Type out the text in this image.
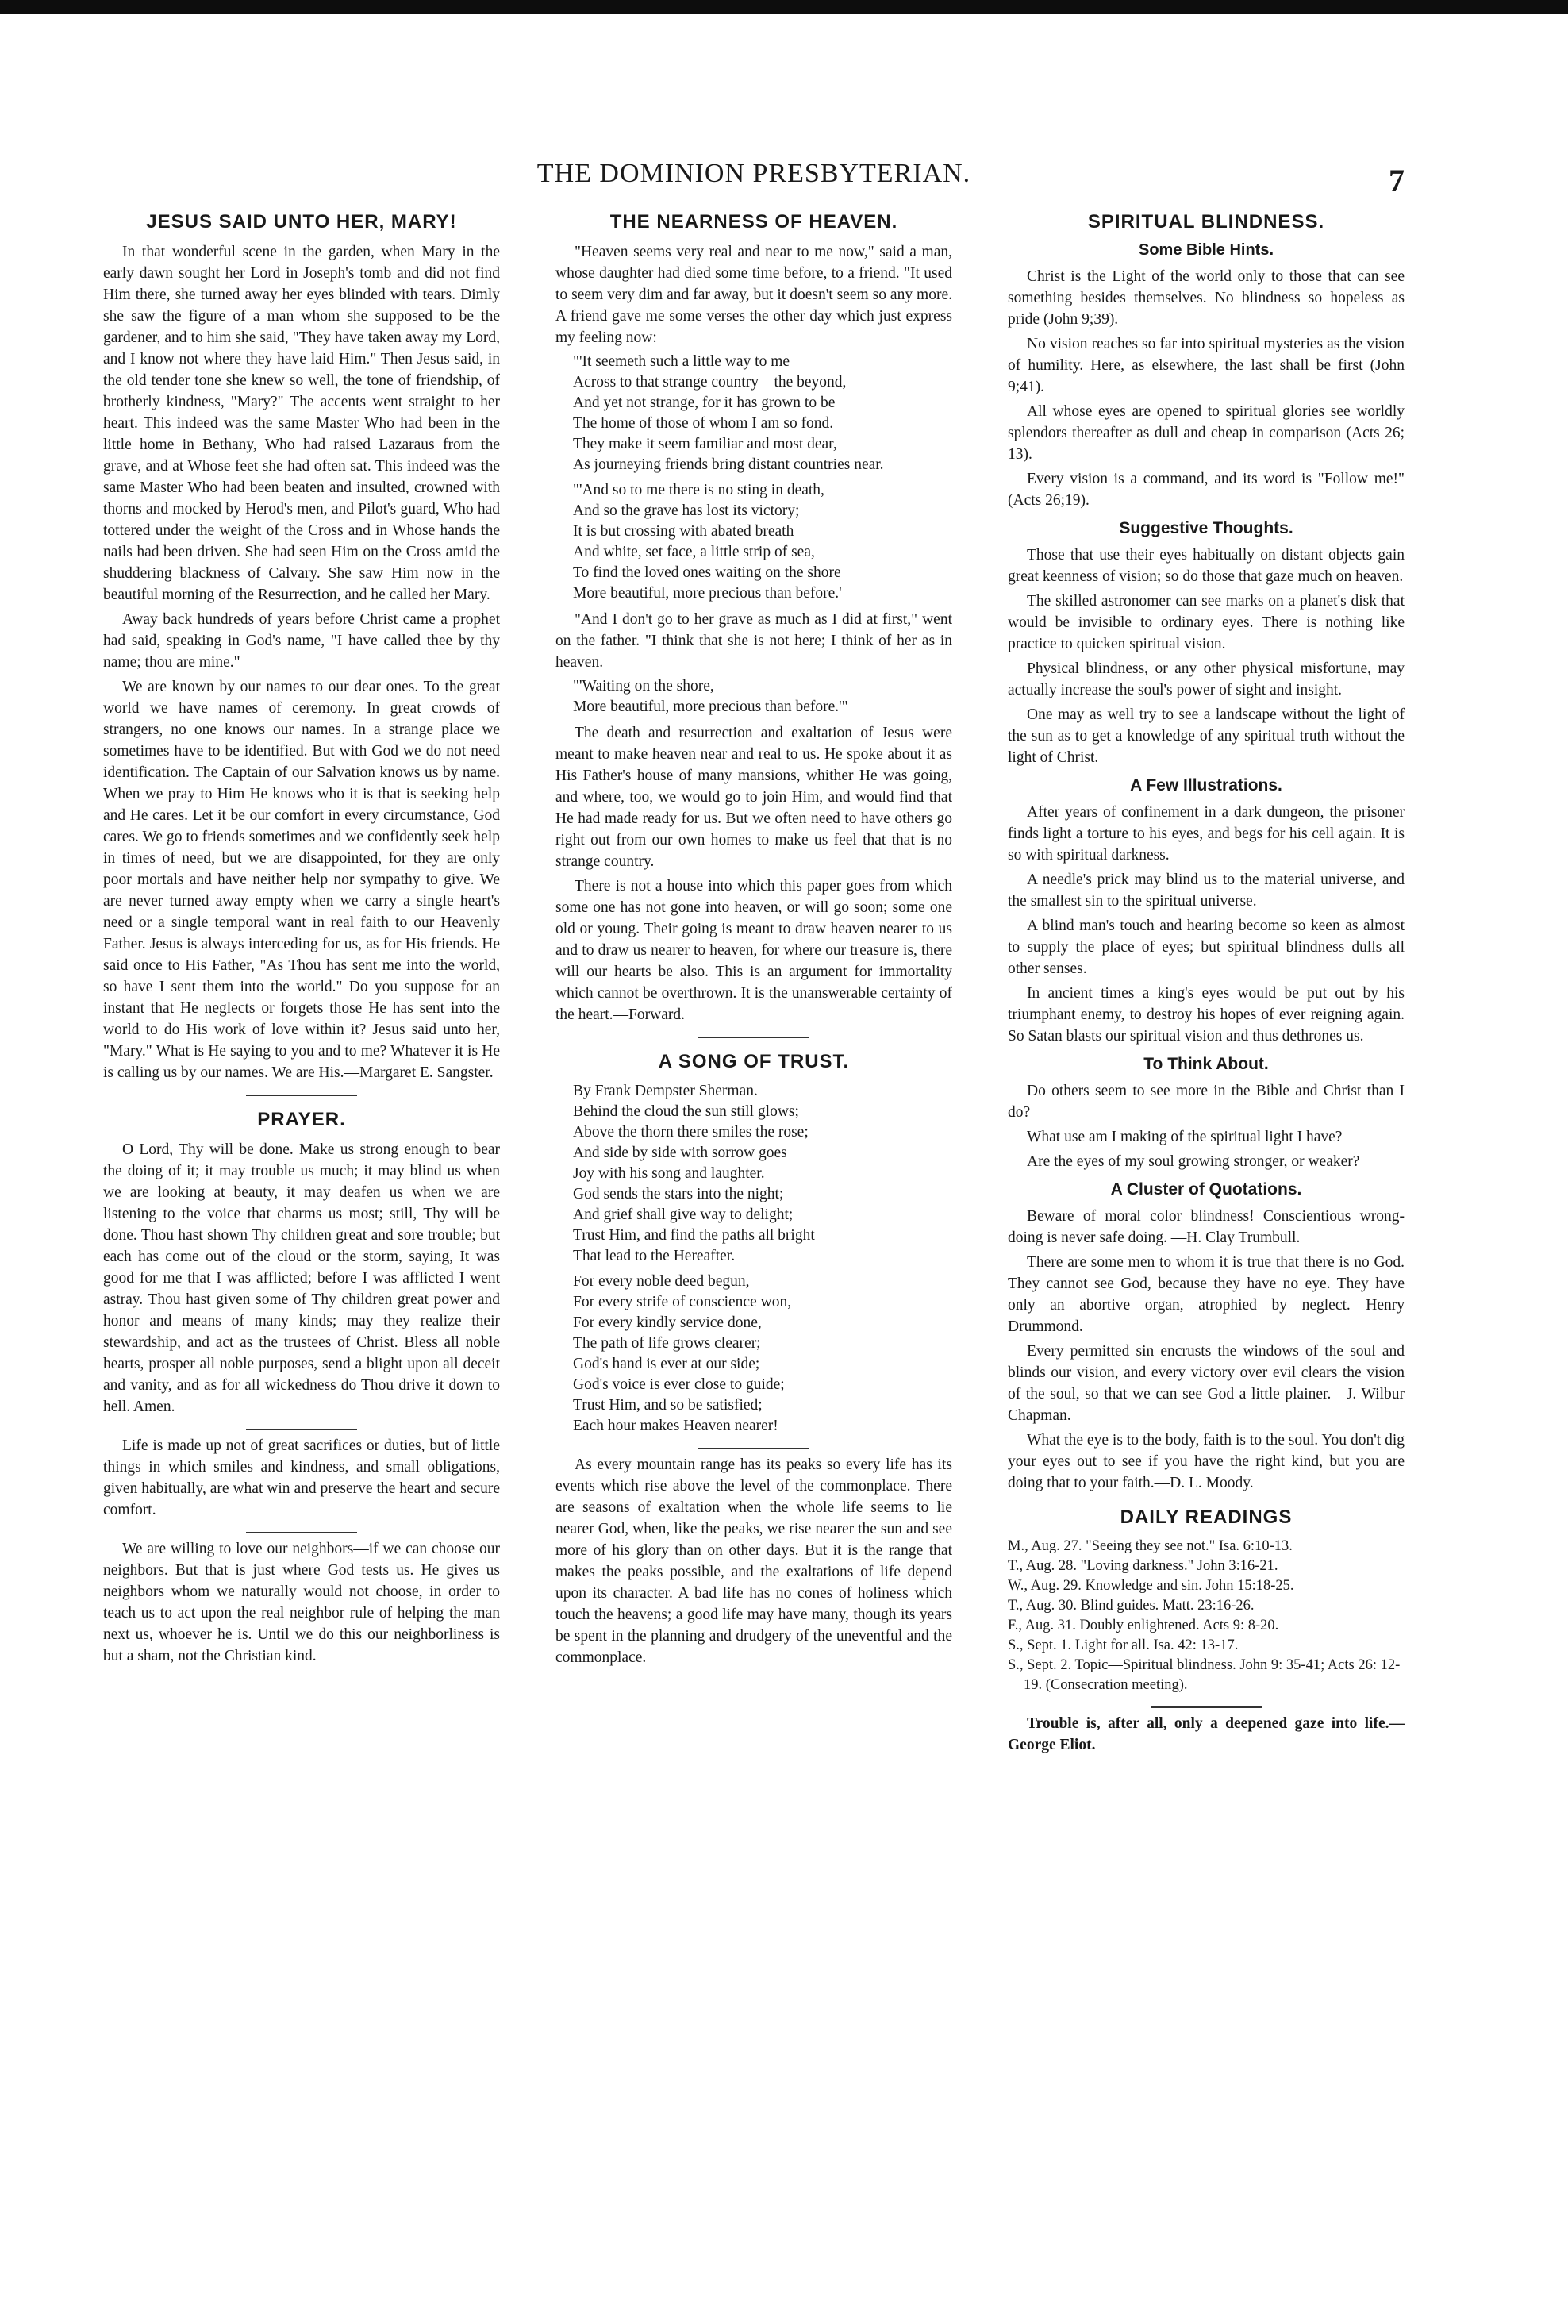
THE DOMINION PRESBYTERIAN.	7
JESUS SAID UNTO HER, MARY!

In that wonderful scene in the garden, when Mary in the early dawn sought her Lord in Joseph's tomb and did not find Him there, she turned away her eyes blinded with tears. Dimly she saw the figure of a man whom she supposed to be the gardener, and to him she said, "They have taken away my Lord, and I know not where they have laid Him." Then Jesus said, in the old tender tone she knew so well, the tone of friendship, of brotherly kindness, "Mary?" The accents went straight to her heart. This indeed was the same Master Who had been in the little home in Bethany, Who had raised Lazaraus from the grave, and at Whose feet she had often sat. This indeed was the same Master Who had been beaten and insulted, crowned with thorns and mocked by Herod's men, and Pilot's guard, Who had tottered under the weight of the Cross and in Whose hands the nails had been driven. She had seen Him on the Cross amid the shuddering blackness of Calvary. She saw Him now in the beautiful morning of the Resurrection, and he called her Mary.

Away back hundreds of years before Christ came a prophet had said, speaking in God's name, "I have called thee by thy name; thou are mine."

We are known by our names to our dear ones. To the great world we have names of ceremony. In great crowds of strangers, no one knows our names. In a strange place we sometimes have to be identified. But with God we do not need identification. The Captain of our Salvation knows us by name. When we pray to Him He knows who it is that is seeking help and He cares. Let it be our comfort in every circumstance, God cares. We go to friends sometimes and we confidently seek help in times of need, but we are disappointed, for they are only poor mortals and have neither help nor sympathy to give. We are never turned away empty when we carry a single heart's need or a single temporal want in real faith to our Heavenly Father. Jesus is always interceding for us, as for His friends. He said once to His Father, "As Thou has sent me into the world, so have I sent them into the world." Do you suppose for an instant that He neglects or forgets those He has sent into the world to do His work of love within it? Jesus said unto her, "Mary." What is He saying to you and to me? Whatever it is He is calling us by our names. We are His.—Margaret E. Sangster.

PRAYER.

O Lord, Thy will be done. Make us strong enough to bear the doing of it; it may trouble us much; it may blind us when we are looking at beauty, it may deafen us when we are listening to the voice that charms us most; still, Thy will be done. Thou hast shown Thy children great and sore trouble; but each has come out of the cloud or the storm, saying, It was good for me that I was afflicted; before I was afflicted I went astray. Thou hast given some of Thy children great power and honor and means of many kinds; may they realize their stewardship, and act as the trustees of Christ. Bless all noble hearts, prosper all noble purposes, send a blight upon all deceit and vanity, and as for all wickedness do Thou drive it down to hell. Amen.

Life is made up not of great sacrifices or duties, but of little things in which smiles and kindness, and small obligations, given habitually, are what win and preserve the heart and secure comfort.

We are willing to love our neighbors—if we can choose our neighbors. But that is just where God tests us. He gives us neighbors whom we naturally would not choose, in order to teach us to act upon the real neighbor rule of helping the man next us, whoever he is. Until we do this our neighborliness is but a sham, not the Christian kind.

THE NEARNESS OF HEAVEN.

"Heaven seems very real and near to me now," said a man, whose daughter had died some time before, to a friend. "It used to seem very dim and far away, but it doesn't seem so any more. A friend gave me some verses the other day which just express my feeling now:

"'It seemeth such a little way to me
Across to that strange country—the beyond,
And yet not strange, for it has grown to be
The home of those of whom I am so fond.
They make it seem familiar and most dear,
As journeying friends bring distant countries near.
"'And so to me there is no sting in death,
And so the grave has lost its victory;
It is but crossing with abated breath
And white, set face, a little strip of sea,
To find the loved ones waiting on the shore
More beautiful, more precious than before.'

"And I don't go to her grave as much as I did at first," went on the father. "I think that she is not here; I think of her as in heaven.

"'Waiting on the shore,
More beautiful, more precious than before.'"

The death and resurrection and exaltation of Jesus were meant to make heaven near and real to us. He spoke about it as His Father's house of many mansions, whither He was going, and where, too, we would go to join Him, and would find that He had made ready for us. But we often need to have others go right out from our own homes to make us feel that that is no strange country.

There is not a house into which this paper goes from which some one has not gone into heaven, or will go soon; some one old or young. Their going is meant to draw heaven nearer to us and to draw us nearer to heaven, for where our treasure is, there will our hearts be also. This is an argument for immortality which cannot be overthrown. It is the unanswerable certainty of the heart.—Forward.

A SONG OF TRUST.
By Frank Dempster Sherman.
Behind the cloud the sun still glows;
Above the thorn there smiles the rose;
And side by side with sorrow goes
Joy with his song and laughter.
God sends the stars into the night;
And grief shall give way to delight;
Trust Him, and find the paths all bright
That lead to the Hereafter.
For every noble deed begun,
For every strife of conscience won,
For every kindly service done,
The path of life grows clearer;
God's hand is ever at our side;
God's voice is ever close to guide;
Trust Him, and so be satisfied;
Each hour makes Heaven nearer!

As every mountain range has its peaks so every life has its events which rise above the level of the commonplace. There are seasons of exaltation when the whole life seems to lie nearer God, when, like the peaks, we rise nearer the sun and see more of his glory than on other days. But it is the range that makes the peaks possible, and the exaltations of life depend upon its character. A bad life has no cones of holiness which touch the heavens; a good life may have many, though its years be spent in the planning and drudgery of the uneventful and the commonplace.

SPIRITUAL BLINDNESS.
Some Bible Hints.

Christ is the Light of the world only to those that can see something besides themselves. No blindness so hopeless as pride (John 9;39).

No vision reaches so far into spiritual mysteries as the vision of humility. Here, as elsewhere, the last shall be first (John 9;41).

All whose eyes are opened to spiritual glories see worldly splendors thereafter as dull and cheap in comparison (Acts 26; 13).

Every vision is a command, and its word is "Follow me!" (Acts 26;19).

Suggestive Thoughts.

Those that use their eyes habitually on distant objects gain great keenness of vision; so do those that gaze much on heaven.

The skilled astronomer can see marks on a planet's disk that would be invisible to ordinary eyes. There is nothing like practice to quicken spiritual vision.

Physical blindness, or any other physical misfortune, may actually increase the soul's power of sight and insight.

One may as well try to see a landscape without the light of the sun as to get a knowledge of any spiritual truth without the light of Christ.

A Few Illustrations.

After years of confinement in a dark dungeon, the prisoner finds light a torture to his eyes, and begs for his cell again. It is so with spiritual darkness.

A needle's prick may blind us to the material universe, and the smallest sin to the spiritual universe.

A blind man's touch and hearing become so keen as almost to supply the place of eyes; but spiritual blindness dulls all other senses.

In ancient times a king's eyes would be put out by his triumphant enemy, to destroy his hopes of ever reigning again. So Satan blasts our spiritual vision and thus dethrones us.

To Think About.

Do others seem to see more in the Bible and Christ than I do?

What use am I making of the spiritual light I have?

Are the eyes of my soul growing stronger, or weaker?

A Cluster of Quotations.

Beware of moral color blindness! Conscientious wrong-doing is never safe doing. —H. Clay Trumbull.

There are some men to whom it is true that there is no God. They cannot see God, because they have no eye. They have only an abortive organ, atrophied by neglect.—Henry Drummond.

Every permitted sin encrusts the windows of the soul and blinds our vision, and every victory over evil clears the vision of the soul, so that we can see God a little plainer.—J. Wilbur Chapman.

What the eye is to the body, faith is to the soul. You don't dig your eyes out to see if you have the right kind, but you are doing that to your faith.—D. L. Moody.

DAILY READINGS
M., Aug. 27. "Seeing they see not." Isa. 6:10-13.
T., Aug. 28. "Loving darkness." John 3:16-21.
W., Aug. 29. Knowledge and sin. John 15:18-25.
T., Aug. 30. Blind guides. Matt. 23:16-26.
F., Aug. 31. Doubly enlightened. Acts 9: 8-20.
S., Sept. 1. Light for all. Isa. 42: 13-17.
S., Sept. 2. Topic—Spiritual blindness. John 9: 35-41; Acts 26: 12-19. (Consecration meeting).

Trouble is, after all, only a deepened gaze into life.—George Eliot.
